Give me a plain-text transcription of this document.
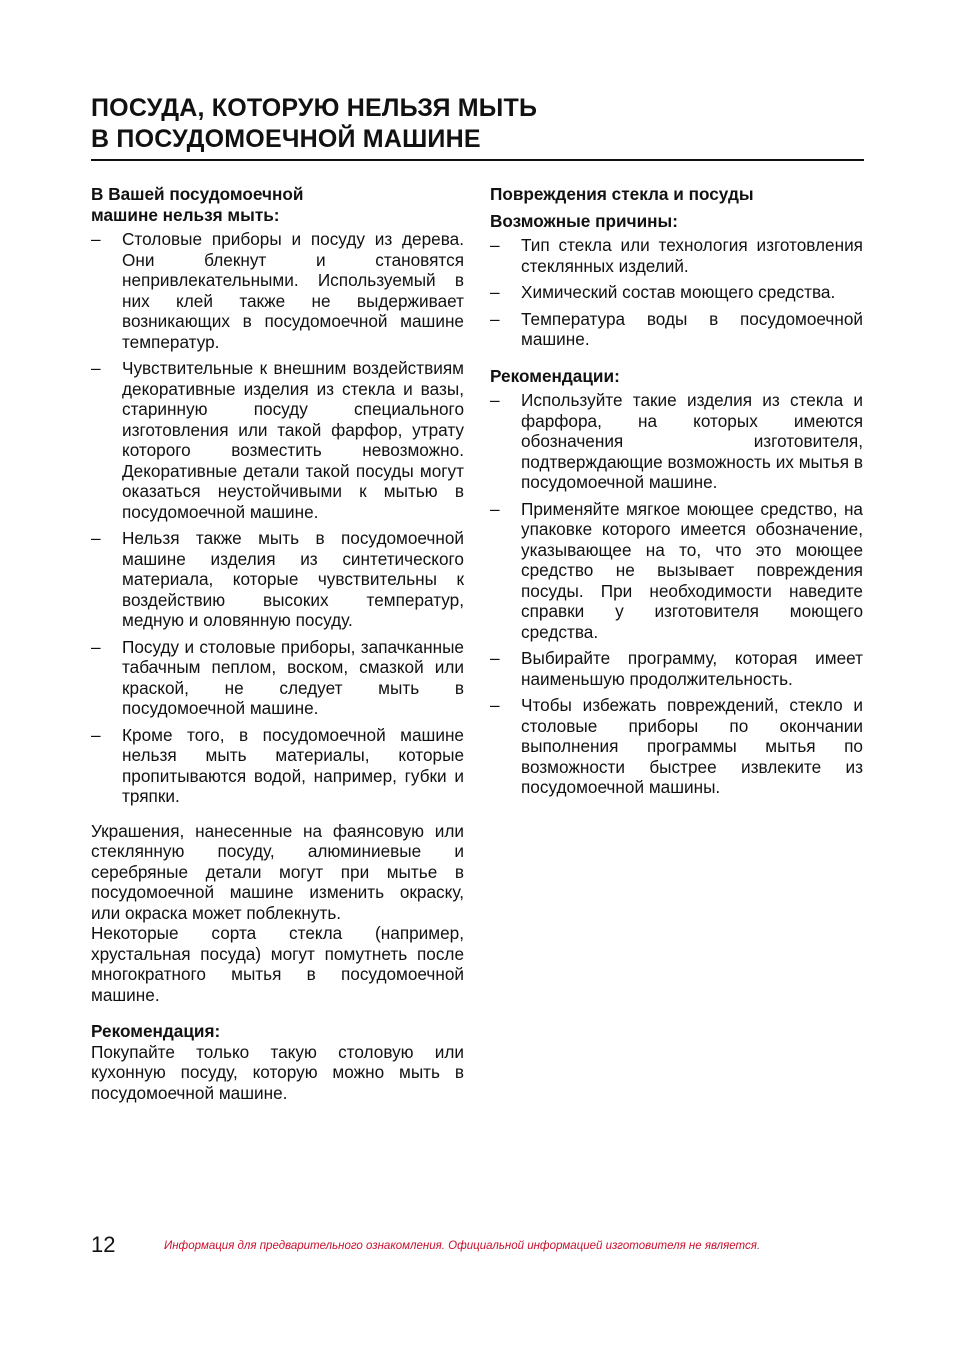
ПОСУДА, КОТОРУЮ НЕЛЬЗЯ МЫТЬ
В ПОСУДОМОЕЧНОЙ МАШИНЕ
В Вашей посудомоечной
машине нельзя мыть:
– Столовые приборы и посуду из дерева. Они блекнут и становятся непривлекательными. Используемый в них клей также не выдерживает возникающих в посудомоечной машине температур.
– Чувствительные к внешним воздействиям декоративные изделия из стекла и вазы, старинную посуду специального изготовления или такой фарфор, утрату которого возместить невозможно. Декоративные детали такой посуды могут оказаться неустойчивыми к мытью в посудомоечной машине.
– Нельзя также мыть в посудомоечной машине изделия из синтетического материала, которые чувствительны к воздействию высоких температур, медную и оловянную посуду.
– Посуду и столовые приборы, запачканные табачным пеплом, воском, смазкой или краской, не следует мыть в посудомоечной машине.
– Кроме того, в посудомоечной машине нельзя мыть материалы, которые пропитываются водой, например, губки и тряпки.

Украшения, нанесенные на фаянсовую или стеклянную посуду, алюминиевые и серебряные детали могут при мытье в посудомоечной машине изменить окраску, или окраска может поблекнуть.

Некоторые сорта стекла (например, хрустальная посуда) могут помутнеть после многократного мытья в посудомоечной машине.

Рекомендация:

Покупайте только такую столовую или кухонную посуду, которую можно мыть в посудомоечной машине.

Повреждения стекла и посуды
Возможные причины:
– Тип стекла или технология изготовления стеклянных изделий.
– Химический состав моющего средства.
– Температура воды в посудомоечной машине.
Рекомендации:
– Используйте такие изделия из стекла и фарфора, на которых имеются обозначения изготовителя, подтверждающие возможность их мытья в посудомоечной машине.
– Применяйте мягкое моющее средство, на упаковке которого имеется обозначение, указывающее на то, что это моющее средство не вызывает повреждения посуды. При необходимости наведите справки у изготовителя моющего средства.
– Выбирайте программу, которая имеет наименьшую продолжительность.
– Чтобы избежать повреждений, стекло и столовые приборы по окончании выполнения программы мытья по возможности быстрее извлеките из посудомоечной машины.
12	Информация для предварительного ознакомления. Официальной информацией изготовителя не является.
